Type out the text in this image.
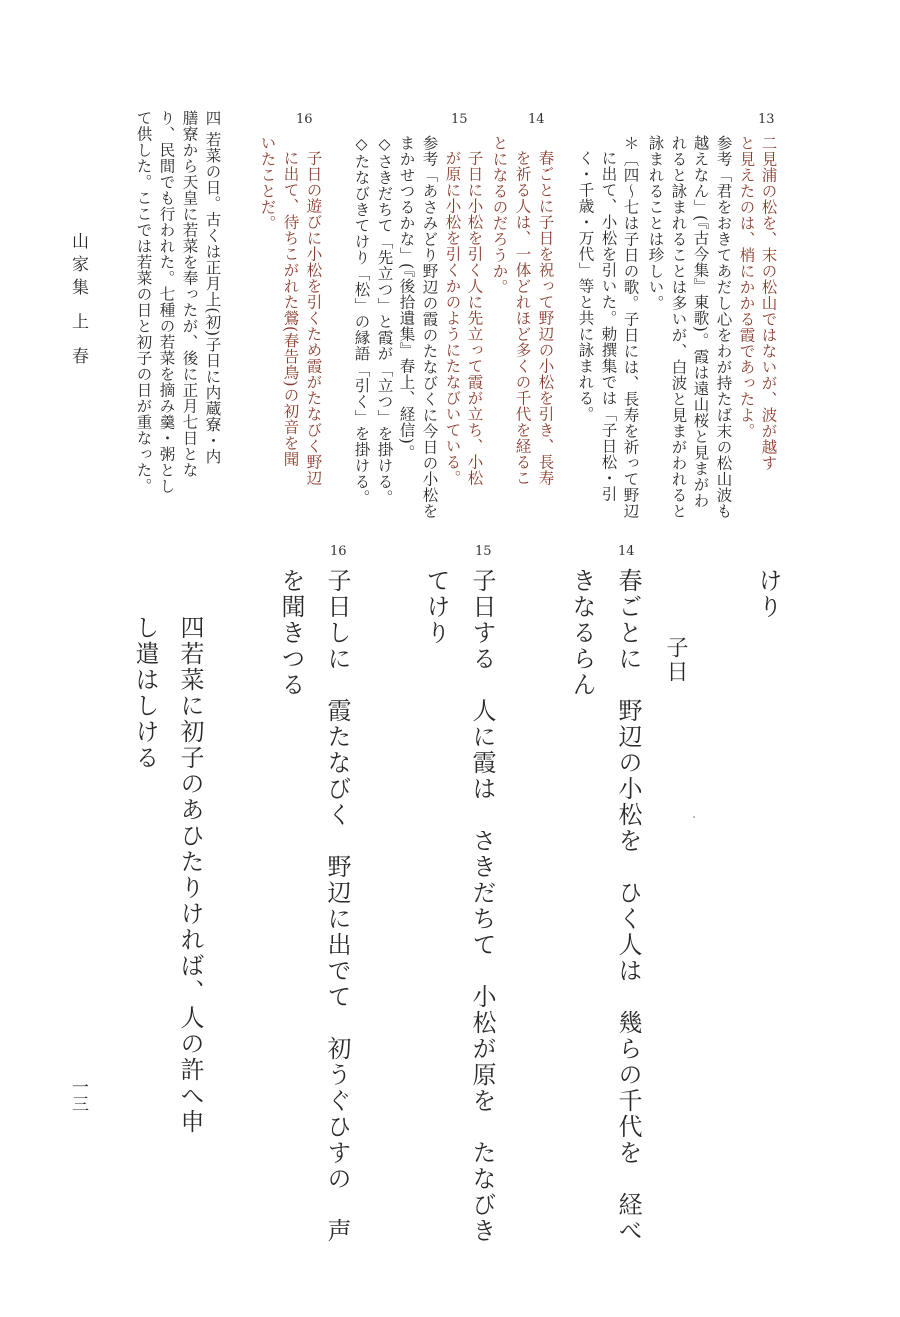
13
二見浦の松を、末の松山ではないが、波が越す
と見えたのは、梢にかかる霞であったよ。
参考「君をおきてあだし心をわが持たば末の松山波も
越えなん」(『古今集』東歌)。霞は遠山桜と見まがわ
れると詠まれることは多いが、白波と見まがわれると
詠まれることは珍しい。
＊〔四〜七は子日の歌。子日には、長寿を祈って野辺
に出て、小松を引いた。勅撰集では「子日松・引
く・千歳・万代」等と共に詠まれる。
14
春ごとに子日を祝って野辺の小松を引き、長寿
を祈る人は、一体どれほど多くの千代を経るこ
とになるのだろうか。
15
子日に小松を引く人に先立って霞が立ち、小松
が原に小松を引くかのようにたなびいている。
参考「あさみどり野辺の霞のたなびくに今日の小松を
まかせつるかな」(『後拾遺集』春上、経信)。
◇さきだちて「先立つ」と霞が「立つ」を掛ける。
◇たなびきてけり「松」の縁語「引く」を掛ける。
16
子日の遊びに小松を引くため霞がたなびく野辺
に出て、待ちこがれた鶯(春告鳥)の初音を聞
いたことだ。
四 若菜の日。古くは正月上(初)子日に内蔵寮・内
膳寮から天皇に若菜を奉ったが、後に正月七日とな
り、民間でも行われた。七種の若菜を摘み羹・粥とし
て供した。ここでは若菜の日と初子の日が重なった。
山家集 上 春
一三
けり
子日
14
春ごとに　野辺の小松を　ひく人は　幾らの千代を　経べ
きなるらん
15
子日する　人に霞は　さきだちて　小松が原を　たなびき
てけり
16
子日しに　霞たなびく　野辺に出でて　初うぐひすの　声
を聞きつる
四若菜に初子のあひたりければ、人の許へ申
し遣はしける
